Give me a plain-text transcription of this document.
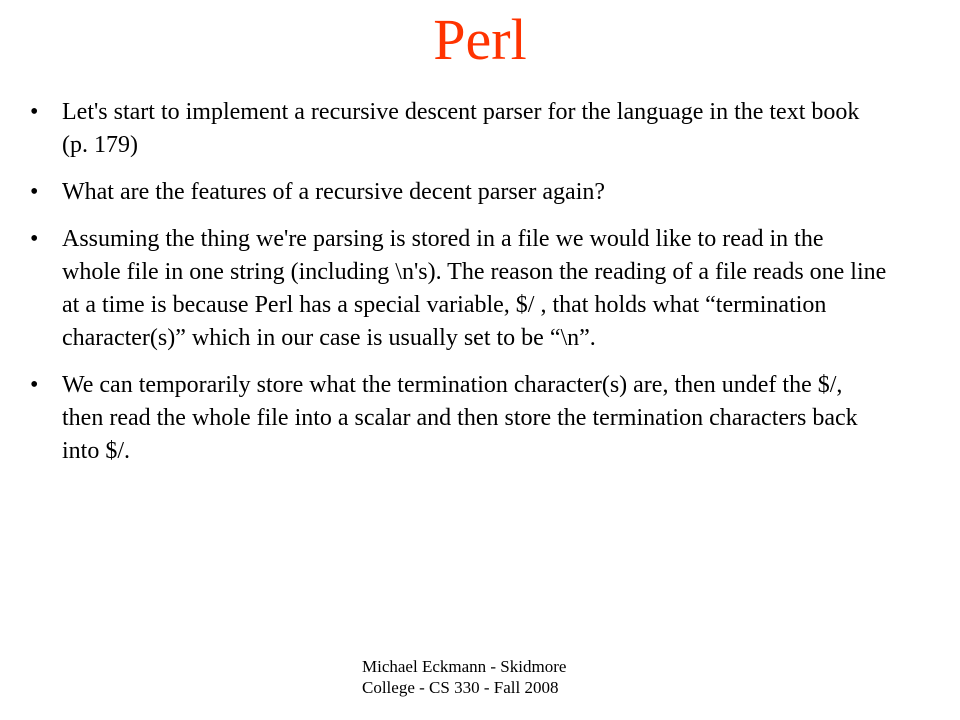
Perl
• Let's start to implement a recursive descent parser for the language in the text book (p. 179)
• What are the features of a recursive decent parser again?
• Assuming the thing we're parsing is stored in a file we would like to read in the whole file in one string (including \n's). The reason the reading of a file reads one line at a time is because Perl has a special variable, $/ , that holds what “termination character(s)” which in our case is usually set to be “\n”.
• We can temporarily store what the termination character(s) are, then undef the $/, then read the whole file into a scalar and then store the termination characters back into $/.
Michael Eckmann - Skidmore
College - CS 330 - Fall 2008
